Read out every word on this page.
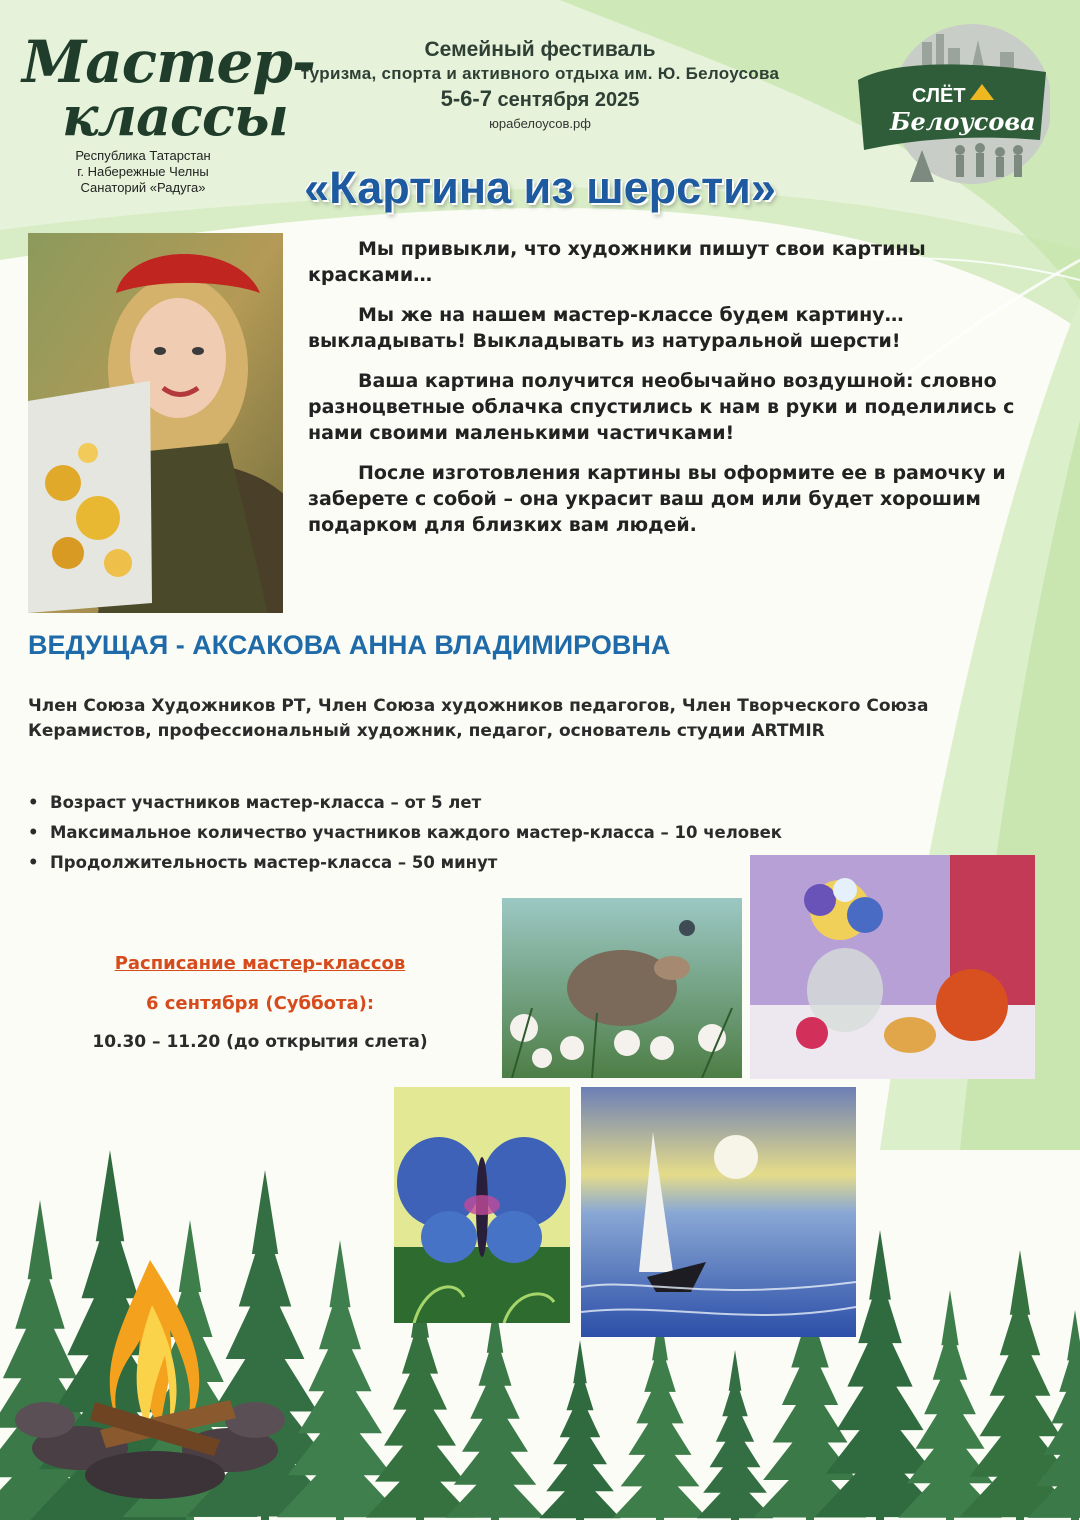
Мастер-
классы
Республика Татарстан
г. Набережные Челны
Санаторий «Радуга»
Семейный фестиваль
туризма, спорта и активного отдыха им. Ю. Белоусова
5-6-7 сентября 2025
юрабелоусов.рф
СЛЁТ
Белоусова
«Картина из шерсти»

Мы привыкли, что художники пишут свои картины красками…

Мы же на нашем мастер-классе будем картину… выкладывать! Выкладывать из натуральной шерсти!

Ваша картина получится необычайно воздушной: словно разноцветные облачка спустились к нам в руки и поделились с нами своими маленькими частичками!

После изготовления картины вы оформите ее в рамочку и заберете с собой – она украсит ваш дом или будет хорошим подарком для близких вам людей.

ВЕДУЩАЯ - АКСАКОВА АННА ВЛАДИМИРОВНА
Член Союза Художников РТ, Член Союза художников педагогов, Член Творческого Союза Керамистов, профессиональный художник, педагог, основатель студии ARTMIR
• Возраст участников мастер-класса – от 5 лет
• Максимальное количество участников каждого мастер-класса – 10 человек
• Продолжительность мастер-класса – 50 минут
Расписание мастер-классов
6 сентября (Суббота):
10.30 – 11.20 (до открытия слета)
